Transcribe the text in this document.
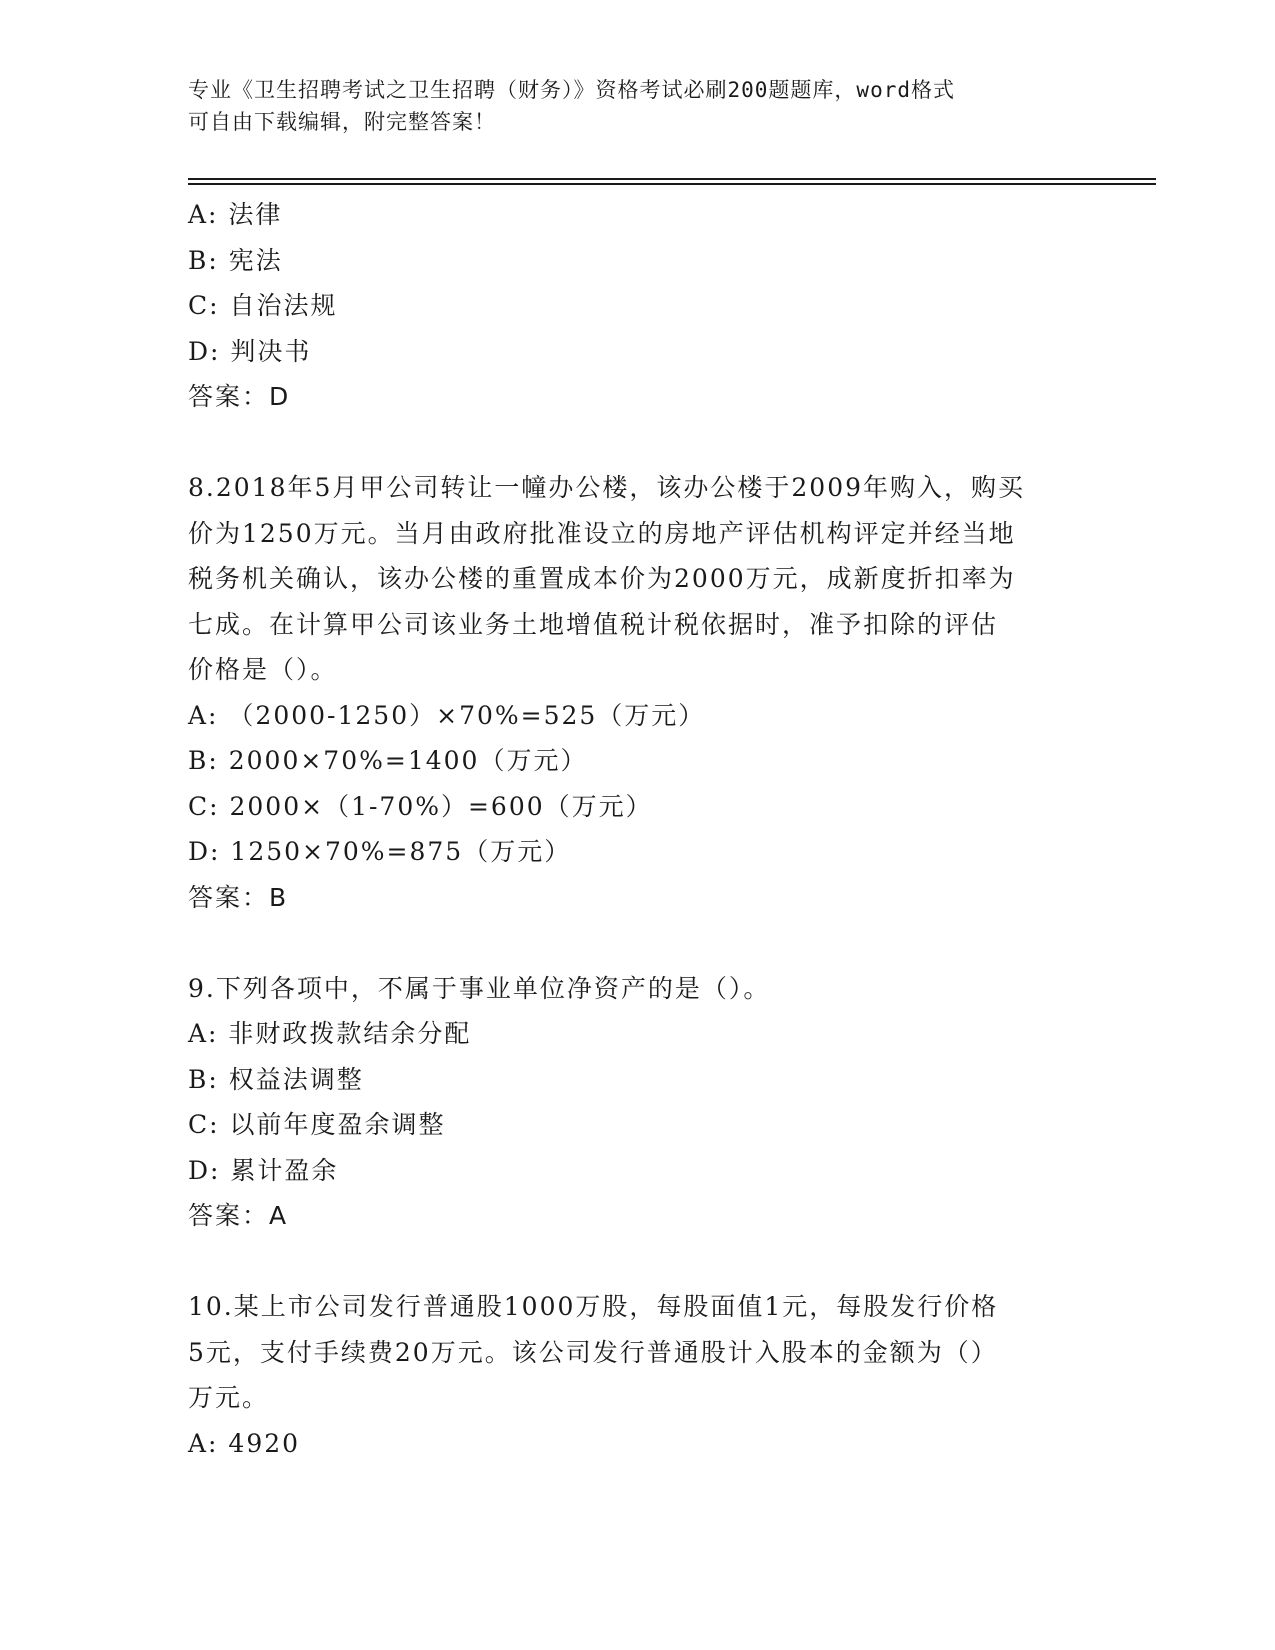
专业《卫生招聘考试之卫生招聘（财务）》资格考试必刷200题题库，word格式
可自由下载编辑，附完整答案！
A: 法律
B: 宪法
C: 自治法规
D: 判决书
答案：D
8.2018年5月甲公司转让一幢办公楼，该办公楼于2009年购入，购买
价为1250万元。当月由政府批准设立的房地产评估机构评定并经当地
税务机关确认，该办公楼的重置成本价为2000万元，成新度折扣率为
七成。在计算甲公司该业务土地增值税计税依据时，准予扣除的评估
价格是（）。
A: （2000-1250）×70%=525（万元）
B: 2000×70%=1400（万元）
C: 2000×（1-70%）=600（万元）
D: 1250×70%=875（万元）
答案：B
9.下列各项中，不属于事业单位净资产的是（）。
A: 非财政拨款结余分配
B: 权益法调整
C: 以前年度盈余调整
D: 累计盈余
答案：A
10.某上市公司发行普通股1000万股，每股面值1元，每股发行价格
5元，支付手续费20万元。该公司发行普通股计入股本的金额为（）
万元。
A: 4920
